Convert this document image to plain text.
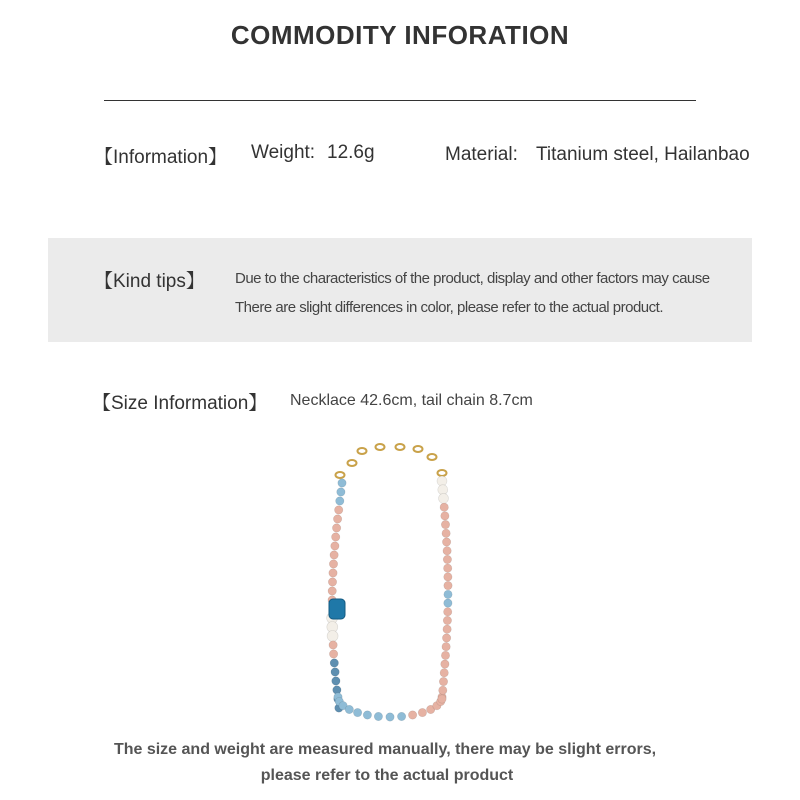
COMMODITY INFORATION
【Information】 Weight: 12.6g	Material: Titanium steel, Hailanbao
【Kind tips】 Due to the characteristics of the product, display and other factors may cause
There are slight differences in color, please refer to the actual product.
【Size Information】 Necklace 42.6cm, tail chain 8.7cm
The size and weight are measured manually, there may be slight errors,
please refer to the actual product
